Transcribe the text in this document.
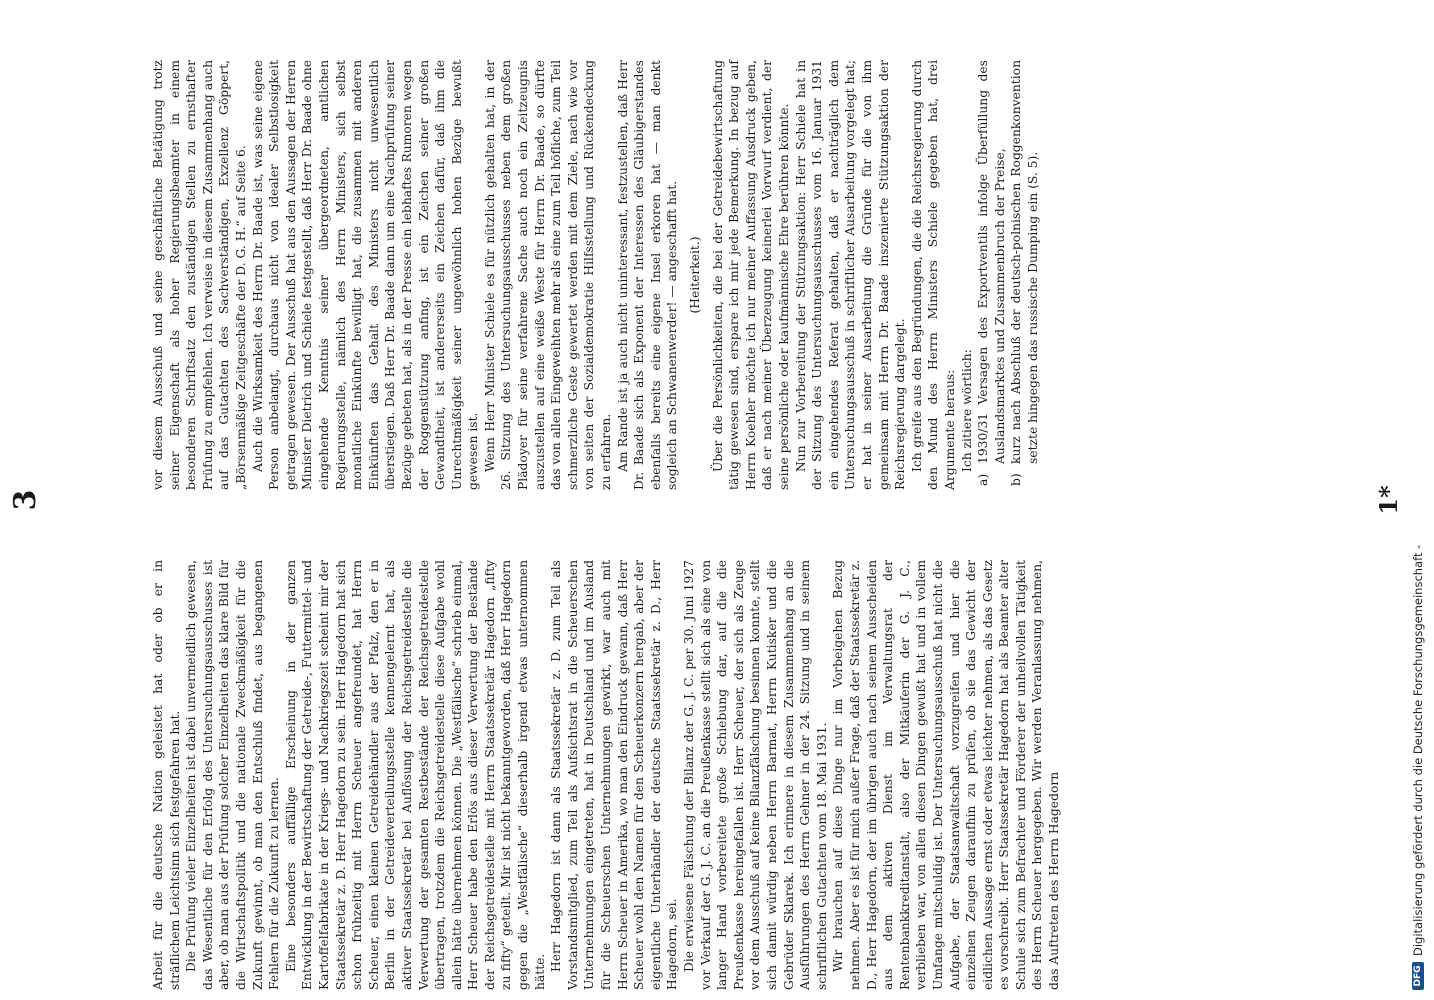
3

vor diesem Ausschuß und seine geschäftliche Betätigung trotz seiner Eigenschaft als hoher Regierungsbeamter in einem besonderen Schriftsatz den zuständigen Stellen zu ernsthafter Prüfung zu empfehlen. Ich verweise in diesem Zusammenhang auch auf das Gutachten des Sachverständigen, Exzellenz Göppert, „Börsenmäßige Zeitgeschäfte der D. G. H.“ auf Seite 6. Auch die Wirksamkeit des Herrn Dr. Baade ist, was seine eigene Person anbelangt, durchaus nicht von idealer Selbstlosigkeit getragen gewesen. Der Ausschuß hat aus den Aussagen der Herren Minister Dietrich und Schiele festgestellt, daß Herr Dr. Baade ohne eingehende Kenntnis seiner übergeordneten, amtlichen Regierungsstelle, nämlich des Herrn Ministers, sich selbst monatliche Einkünfte bewilligt hat, die zusammen mit anderen Einkünften das Gehalt des Ministers nicht unwesentlich überstiegen. Daß Herr Dr. Baade dann um eine Nachprüfung seiner Bezüge gebeten hat, als in der Presse ein lebhaftes Rumoren wegen der Roggenstützung anfing, ist ein Zeichen seiner großen Gewandtheit, ist andererseits ein Zeichen dafür, daß ihm die Unrechtmäßigkeit seiner ungewöhnlich hohen Bezüge bewußt gewesen ist. Wenn Herr Minister Schiele es für nützlich gehalten hat, in der 26. Sitzung des Untersuchungsausschusses neben dem großen Plädoyer für seine verfahrene Sache auch noch ein Zeitzeugnis auszustellen auf eine weiße Weste für Herrn Dr. Baade, so dürfte das von allen Eingeweihten mehr als eine zum Teil höfliche, zum Teil schmerzliche Geste gewertet werden mit dem Ziele, nach wie vor von seiten der Sozialdemokratie Hilfsstellung und Rückendeckung zu erfahren. Am Rande ist ja auch nicht uninteressant, festzustellen, daß Herr Dr. Baade sich als Exponent der Interessen des Gläubigerstandes ebenfalls bereits eine eigene Insel erkoren hat — man denkt sogleich an Schwanenwerder! — angeschafft hat. (Heiterkeit.) Über die Persönlichkeiten, die bei der Getreidebewirtschaftung tätig gewesen sind, erspare ich mir jede Bemerkung. In bezug auf Herrn Koehler möchte ich nur meiner Auffassung Ausdruck geben, daß er nach meiner Überzeugung keinerlei Vorwurf verdient, der seine persönliche oder kaufmännische Ehre berühren könnte. Nun zur Vorbereitung der Stützungsaktion: Herr Schiele hat in der Sitzung des Untersuchungsausschusses vom 16. Januar 1931 ein eingehendes Referat gehalten, daß er nachträglich dem Untersuchungsausschuß in schriftlicher Ausarbeitung vorgelegt hat; er hat in seiner Ausarbeitung die Gründe für die von ihm gemeinsam mit Herrn Dr. Baade inszenierte Stützungsaktion der Reichsregierung dargelegt. Ich greife aus den Begründungen, die die Reichsregierung durch den Mund des Herrn Ministers Schiele gegeben hat, drei Argumente heraus: Ich zitiere wörtlich:

a)
1930/31 Versagen des Exportventils infolge Überfüllung des Auslandsmarktes und Zusammenbruch der Preise,
b)
kurz nach Abschluß der deutsch-polnischen Roggenkonvention setzte hingegen das russische Dumping ein (S. 5).

Arbeit für die deutsche Nation geleistet hat oder ob er in sträflichem Leichtsinn sich festgefahren hat. Die Prüfung vieler Einzelheiten ist dabei unvermeidlich gewesen, das Wesentliche für den Erfolg des Untersuchungsausschusses ist aber, ob man aus der Prüfung solcher Einzelheiten das klare Bild für die Wirtschaftspolitik und die nationale Zweckmäßigkeit für die Zukunft gewinnt, ob man den Entschluß findet, aus begangenen Fehlern für die Zukunft zu lernen. Eine besonders auffällige Erscheinung in der ganzen Entwicklung in der Bewirtschaftung der Getreide-, Futtermittel- und Kartoffelfabrikate in der Kriegs- und Nachkriegszeit scheint mir der Staatssekretär z. D. Herr Hagedorn zu sein. Herr Hagedorn hat sich schon frühzeitig mit Herrn Scheuer angefreundet, hat Herrn Scheuer, einen kleinen Getreidehändler aus der Pfalz, den er in Berlin in der Getreideverteilungsstelle kennengelernt hat, als aktiver Staatssekretär bei Auflösung der Reichsgetreidestelle die Verwertung der gesamten Restbestände der Reichsgetreidestelle übertragen, trotzdem die Reichsgetreidestelle diese Aufgabe wohl allein hätte übernehmen können. Die „Westfälische“ schrieb einmal, Herr Scheuer habe den Erlös aus dieser Verwertung der Bestände der Reichsgetreidestelle mit Herrn Staatssekretär Hagedorn „fifty zu fifty“ geteilt. Mir ist nicht bekanntgeworden, daß Herr Hagedorn gegen die „Westfälische“ dieserhalb irgend etwas unternommen hätte. Herr Hagedorn ist dann als Staatssekretär z. D. zum Teil als Vorstandsmitglied, zum Teil als Aufsichtsrat in die Scheuerschen Unternehmungen eingetreten, hat in Deutschland und im Ausland für die Scheuerschen Unternehmungen gewirkt, war auch mit Herrn Scheuer in Amerika, wo man den Eindruck gewann, daß Herr Scheuer wohl den Namen für den Scheuerkonzern hergab, aber der eigentliche Unterhändler der deutsche Staatssekretär z. D., Herr Hagedorn, sei. Die erwiesene Fälschung der Bilanz der G. J. C. per 30. Juni 1927 vor Verkauf der G. J. C. an die Preußenkasse stellt sich als eine von langer Hand vorbereitete große Schiebung dar, auf die die Preußenkasse hereingefallen ist. Herr Scheuer, der sich als Zeuge vor dem Ausschuß auf keine Bilanzfälschung besinnen konnte, stellt sich damit würdig neben Herrn Barmat, Herrn Kutisker und die Gebrüder Sklarek. Ich erinnere in diesem Zusammenhang an die Ausführungen des Herrn Gehner in der 24. Sitzung und in seinem schriftlichen Gutachten vom 18. Mai 1931. Wir brauchen auf diese Dinge nur im Vorbeigehen Bezug nehmen. Aber es ist für mich außer Frage, daß der Staatssekretär z. D., Herr Hagedorn, der im übrigen auch nach seinem Ausscheiden aus dem aktiven Dienst im Verwaltungsrat der Rentenbankkreditanstalt, also der Mitkäuferin der G. J. C., verblieben war, von allen diesen Dingen gewußt hat und in vollem Umfange mitschuldig ist. Der Untersuchungsausschuß hat nicht die Aufgabe, der Staatsanwaltschaft vorzugreifen und hier die einzelnen Zeugen daraufhin zu prüfen, ob sie das Gewicht der eidlichen Aussage ernst oder etwas leichter nehmen, als das Gesetz es vorschreibt. Herr Staatssekretär Hagedorn hat als Beamter alter Schule sich zum Befrachter und Förderer der unheilvollen Tätigkeit des Herrn Scheuer hergegeben. Wir werden Veranlassung nehmen, das Auftreten des Herrn Hagedorn

1*
DFG
Digitalisierung gefördert durch die Deutsche Forschungsgemeinschaft -
